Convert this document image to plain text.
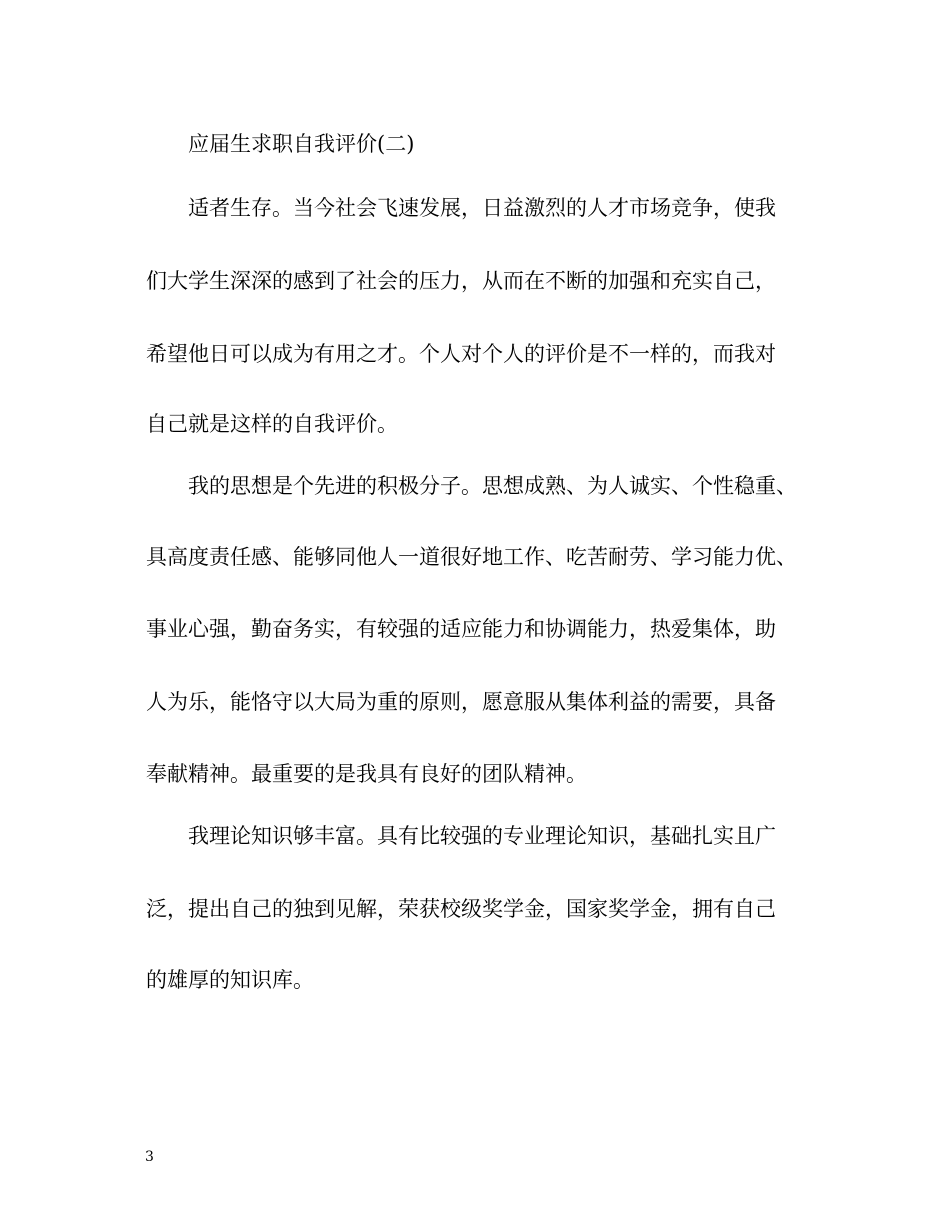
应届生求职自我评价(二)
适者生存。当今社会飞速发展，日益激烈的人才市场竞争，使我
们大学生深深的感到了社会的压力，从而在不断的加强和充实自己，
希望他日可以成为有用之才。个人对个人的评价是不一样的，而我对
自己就是这样的自我评价。
我的思想是个先进的积极分子。思想成熟、为人诚实、个性稳重、
具高度责任感、能够同他人一道很好地工作、吃苦耐劳、学习能力优、
事业心强，勤奋务实，有较强的适应能力和协调能力，热爱集体，助
人为乐，能恪守以大局为重的原则，愿意服从集体利益的需要，具备
奉献精神。最重要的是我具有良好的团队精神。
我理论知识够丰富。具有比较强的专业理论知识，基础扎实且广
泛，提出自己的独到见解，荣获校级奖学金，国家奖学金，拥有自己
的雄厚的知识库。
3
